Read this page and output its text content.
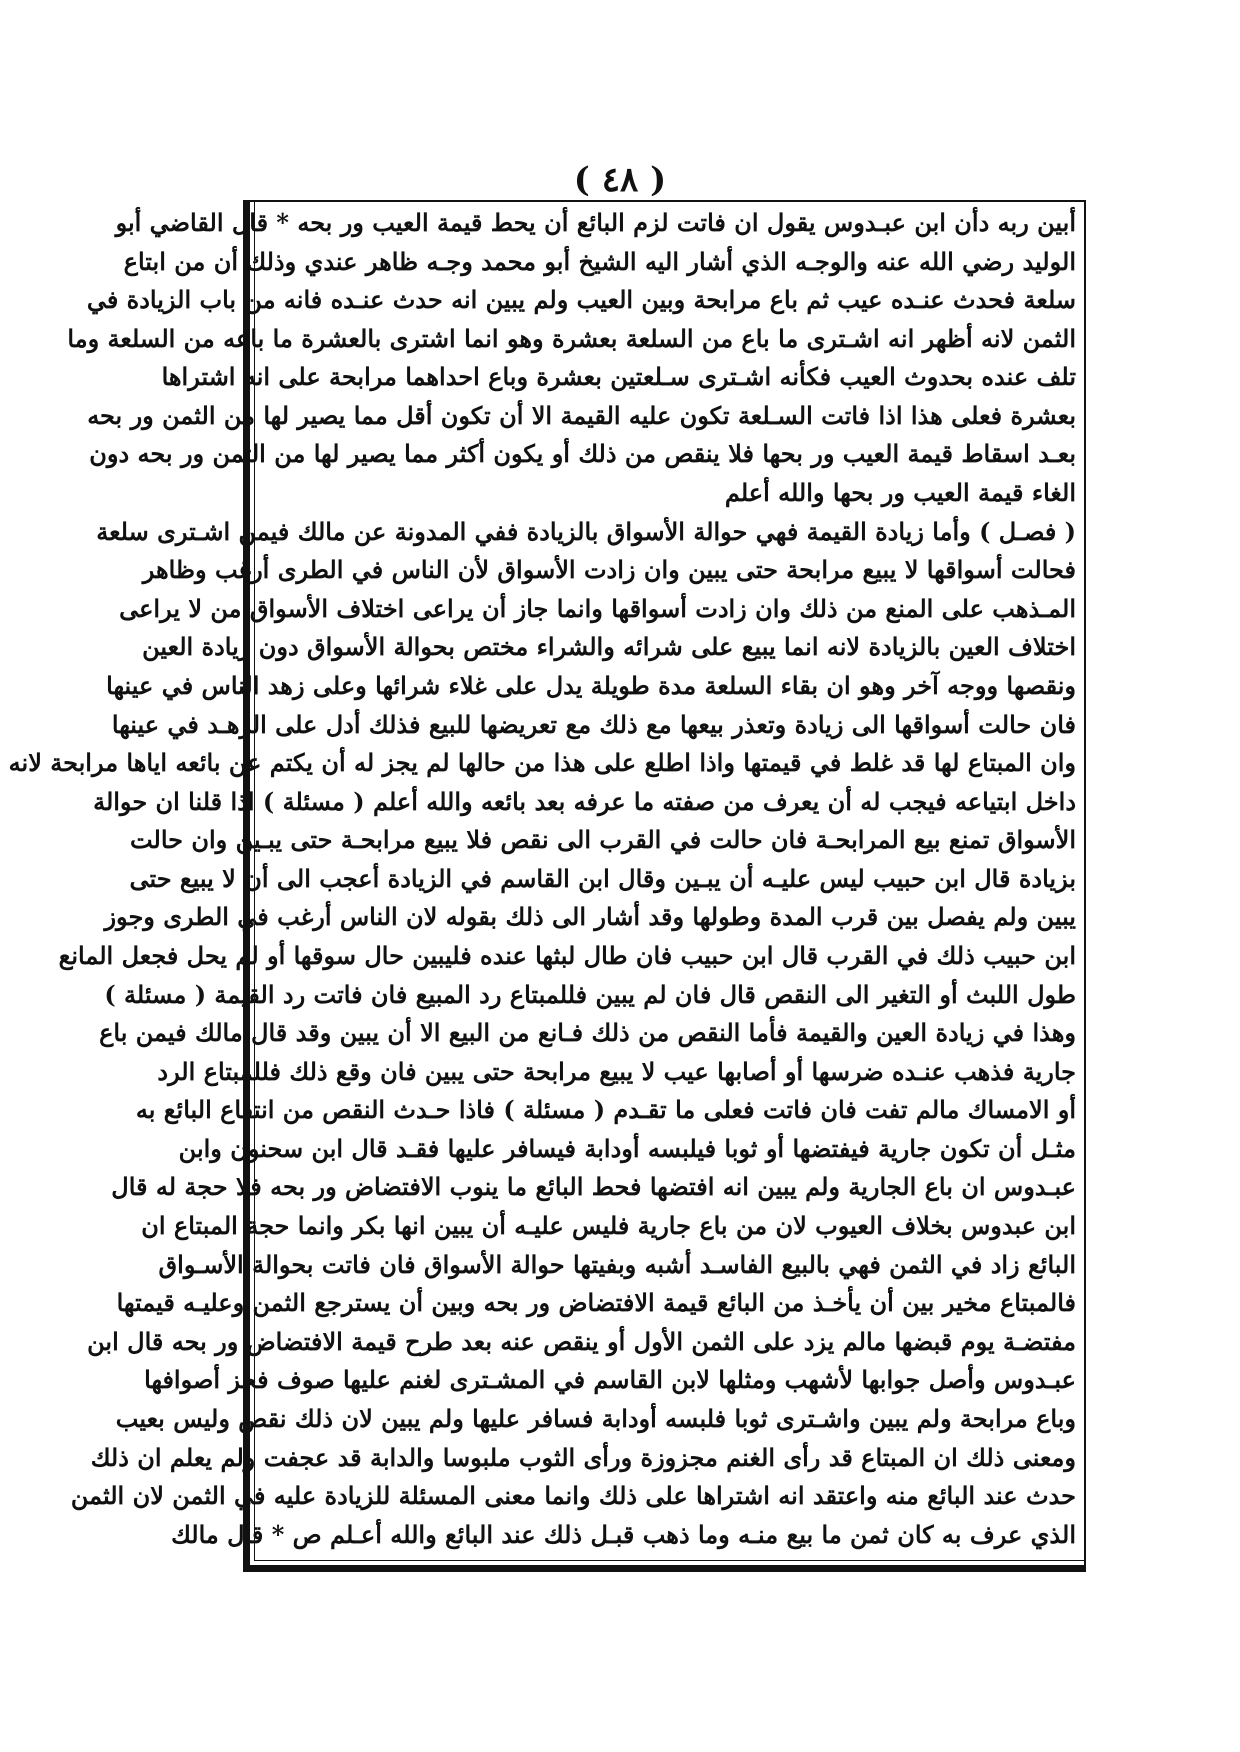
( ٤٨ )
أبين ربه دأن ابن عبـدوس يقول ان فاتت لزم البائع أن يحط قيمة العيب ور بحه * قال القاضي أبو
الوليد رضي الله عنه والوجـه الذي أشار اليه الشيخ أبو محمد وجـه ظاهر عندي وذلك أن من ابتاع
سلعة فحدث عنـده عيب ثم باع مرابحة وبين العيب ولم يبين انه حدث عنـده فانه من باب الزيادة في
الثمن لانه أظهر انه اشـترى ما باع من السلعة بعشرة وهو انما اشترى بالعشرة ما باعه من السلعة وما
تلف عنده بحدوث العيب فكأنه اشـترى سـلعتين بعشرة وباع احداهما مرابحة على انه اشتراها
بعشرة فعلى هذا اذا فاتت السـلعة تكون عليه القيمة الا أن تكون أقل مما يصير لها من الثمن ور بحه
بعـد اسقاط قيمة العيب ور بحها فلا ينقص من ذلك أو يكون أكثر مما يصير لها من الثمن ور بحه دون
الغاء قيمة العيب ور بحها والله أعلم
( فصـل ) وأما زيادة القيمة فهي حوالة الأسواق بالزيادة ففي المدونة عن مالك فيمن اشـترى سلعة
فحالت أسواقها لا يبيع مرابحة حتى يبين وان زادت الأسواق لأن الناس في الطرى أرغب وظاهر
المـذهب على المنع من ذلك وان زادت أسواقها وانما جاز أن يراعى اختلاف الأسواق من لا يراعى
اختلاف العين بالزيادة لانه انما يبيع على شرائه والشراء مختص بحوالة الأسواق دون زيادة العين
ونقصها ووجه آخر وهو ان بقاء السلعة مدة طويلة يدل على غلاء شرائها وعلى زهد الناس في عينها
فان حالت أسواقها الى زيادة وتعذر بيعها مع ذلك مع تعريضها للبيع فذلك أدل على الزهـد في عينها
وان المبتاع لها قد غلط في قيمتها واذا اطلع على هذا من حالها لم يجز له أن يكتم عن بائعه اياها مرابحة لانه
داخل ابتياعه فيجب له أن يعرف من صفته ما عرفه بعد بائعه والله أعلم ( مسئلة ) اذا قلنا ان حوالة
الأسواق تمنع بيع المرابحـة فان حالت في القرب الى نقص فلا يبيع مرابحـة حتى يبـين وان حالت
بزيادة قال ابن حبيب ليس عليـه أن يبـين وقال ابن القاسم في الزيادة أعجب الى أن لا يبيع حتى
يبين ولم يفصل بين قرب المدة وطولها وقد أشار الى ذلك بقوله لان الناس أرغب في الطرى وجوز
ابن حبيب ذلك في القرب قال ابن حبيب فان طال لبثها عنده فليبين حال سوقها أو لم يحل فجعل المانع
طول اللبث أو التغير الى النقص قال فان لم يبين فللمبتاع رد المبيع فان فاتت رد القيمة ( مسئلة )
وهذا في زيادة العين والقيمة فأما النقص من ذلك فـانع من البيع الا أن يبين وقد قال مالك فيمن باع
جارية فذهب عنـده ضرسها أو أصابها عيب لا يبيع مرابحة حتى يبين فان وقع ذلك فللمبتاع الرد
أو الامساك مالم تفت فان فاتت فعلى ما تقـدم ( مسئلة ) فاذا حـدث النقص من انتفاع البائع به
مثـل أن تكون جارية فيفتضها أو ثوبا فيلبسه أودابة فيسافر عليها فقـد قال ابن سحنون وابن
عبـدوس ان باع الجارية ولم يبين انه افتضها فحط البائع ما ينوب الافتضاض ور بحه فلا حجة له قال
ابن عبدوس بخلاف العيوب لان من باع جارية فليس عليـه أن يبين انها بكر وانما حجة المبتاع ان
البائع زاد في الثمن فهي بالبيع الفاسـد أشبه وبفيتها حوالة الأسواق فان فاتت بحوالة الأسـواق
فالمبتاع مخير بين أن يأخـذ من البائع قيمة الافتضاض ور بحه وبين أن يسترجع الثمن وعليـه قيمتها
مفتضـة يوم قبضها مالم يزد على الثمن الأول أو ينقص عنه بعد طرح قيمة الافتضاض ور بحه قال ابن
عبـدوس وأصل جوابها لأشهب ومثلها لابن القاسم في المشـترى لغنم عليها صوف فجز أصوافها
وباع مرابحة ولم يبين واشـترى ثوبا فلبسه أودابة فسافر عليها ولم يبين لان ذلك نقص وليس بعيب
ومعنى ذلك ان المبتاع قد رأى الغنم مجزوزة ورأى الثوب ملبوسا والدابة قد عجفت ولم يعلم ان ذلك
حدث عند البائع منه واعتقد انه اشتراها على ذلك وانما معنى المسئلة للزيادة عليه في الثمن لان الثمن
الذي عرف به كان ثمن ما بيع منـه وما ذهب قبـل ذلك عند البائع والله أعـلم ص * قال مالك
